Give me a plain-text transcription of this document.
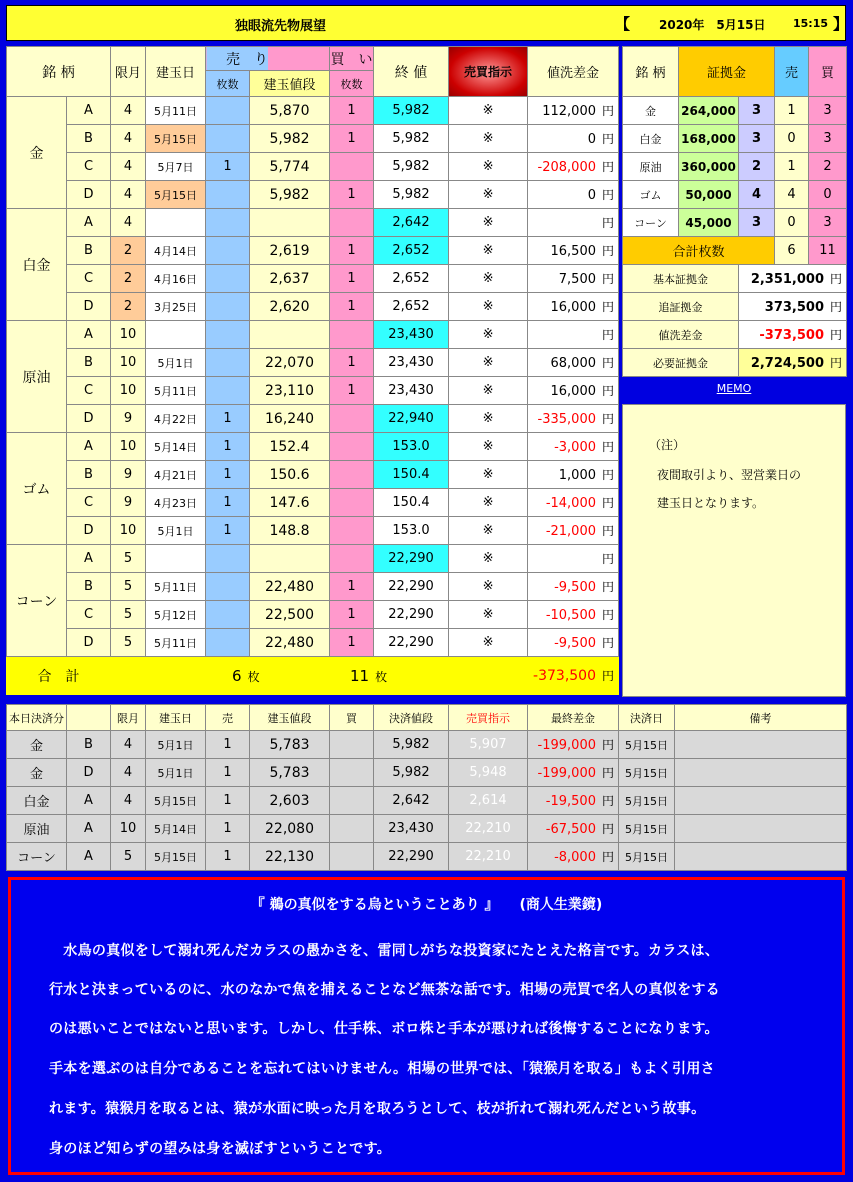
独眼流先物展望	【 2020年　5月15日	15:15 】
銘 柄		限月	建玉日	売　り		買　い	終 値	売買指示	値洗差金
				枚数	建玉値段	枚数			
金	A	4	5月11日		5,870	1	5,982	※	112,000 円
	B	4	5月15日		5,982	1	5,982	※	0 円
	C	4	5月7日	1	5,774		5,982	※	-208,000 円
	D	4	5月15日		5,982	1	5,982	※	0 円
白金	A	4					2,642	※	円
	B	2	4月14日		2,619	1	2,652	※	16,500 円
	C	2	4月16日		2,637	1	2,652	※	7,500 円
	D	2	3月25日		2,620	1	2,652	※	16,000 円
原油	A	10					23,430	※	円
	B	10	5月1日		22,070	1	23,430	※	68,000 円
	C	10	5月11日		23,110	1	23,430	※	16,000 円
	D	9	4月22日	1	16,240		22,940	※	-335,000 円
ゴム	A	10	5月14日	1	152.4		153.0	※	-3,000 円
	B	9	4月21日	1	150.6		150.4	※	1,000 円
	C	9	4月23日	1	147.6		150.4	※	-14,000 円
	D	10	5月1日	1	148.8		153.0	※	-21,000 円
コーン	A	5					22,290	※	円
	B	5	5月11日		22,480	1	22,290	※	-9,500 円
	C	5	5月12日		22,500	1	22,290	※	-10,500 円
	D	5	5月11日		22,480	1	22,290	※	-9,500 円
合　計				6 枚		11 枚		-373,500 円	
銘 柄	証拠金		売	買
金	264,000	3	1	3
白金	168,000	3	0	3
原油	360,000	2	1	2
ゴム	50,000	4	4	0
コーン	45,000	3	0	3
合計枚数			6	11
基本証拠金		2,351,000 円		
追証拠金		373,500 円		
値洗差金		-373,500 円		
必要証拠金		2,724,500 円		
MEMO

（注）

夜間取引より、翌営業日の

建玉日となります。

本日決済分		限月	建玉日	売	建玉値段	買	決済値段	売買指示	最終差金	決済日	備考
金	B	4	5月1日	1	5,783		5,982	5,907	-199,000 円	5月15日	
金	D	4	5月1日	1	5,783		5,982	5,948	-199,000 円	5月15日	
白金	A	4	5月15日	1	2,603		2,642	2,614	-19,500 円	5月15日	
原油	A	10	5月14日	1	22,080		23,430	22,210	-67,500 円	5月15日	
コーン	A	5	5月15日	1	22,130		22,290	22,210	-8,000 円	5月15日	
『 鵜の真似をする烏ということあり 』　　(商人生業鏡)
　水鳥の真似をして溺れ死んだカラスの愚かさを、雷同しがちな投資家にたとえた格言です。カラスは、
行水と決まっているのに、水のなかで魚を捕えることなど無茶な話です。相場の売買で名人の真似をする
のは悪いことではないと思います。しかし、仕手株、ボロ株と手本が悪ければ後悔することになります。
手本を選ぶのは自分であることを忘れてはいけません。相場の世界では、「猿猴月を取る」もよく引用さ
れます。猿猴月を取るとは、猿が水面に映った月を取ろうとして、枝が折れて溺れ死んだという故事。
身のほど知らずの望みは身を滅ぼすということです。
